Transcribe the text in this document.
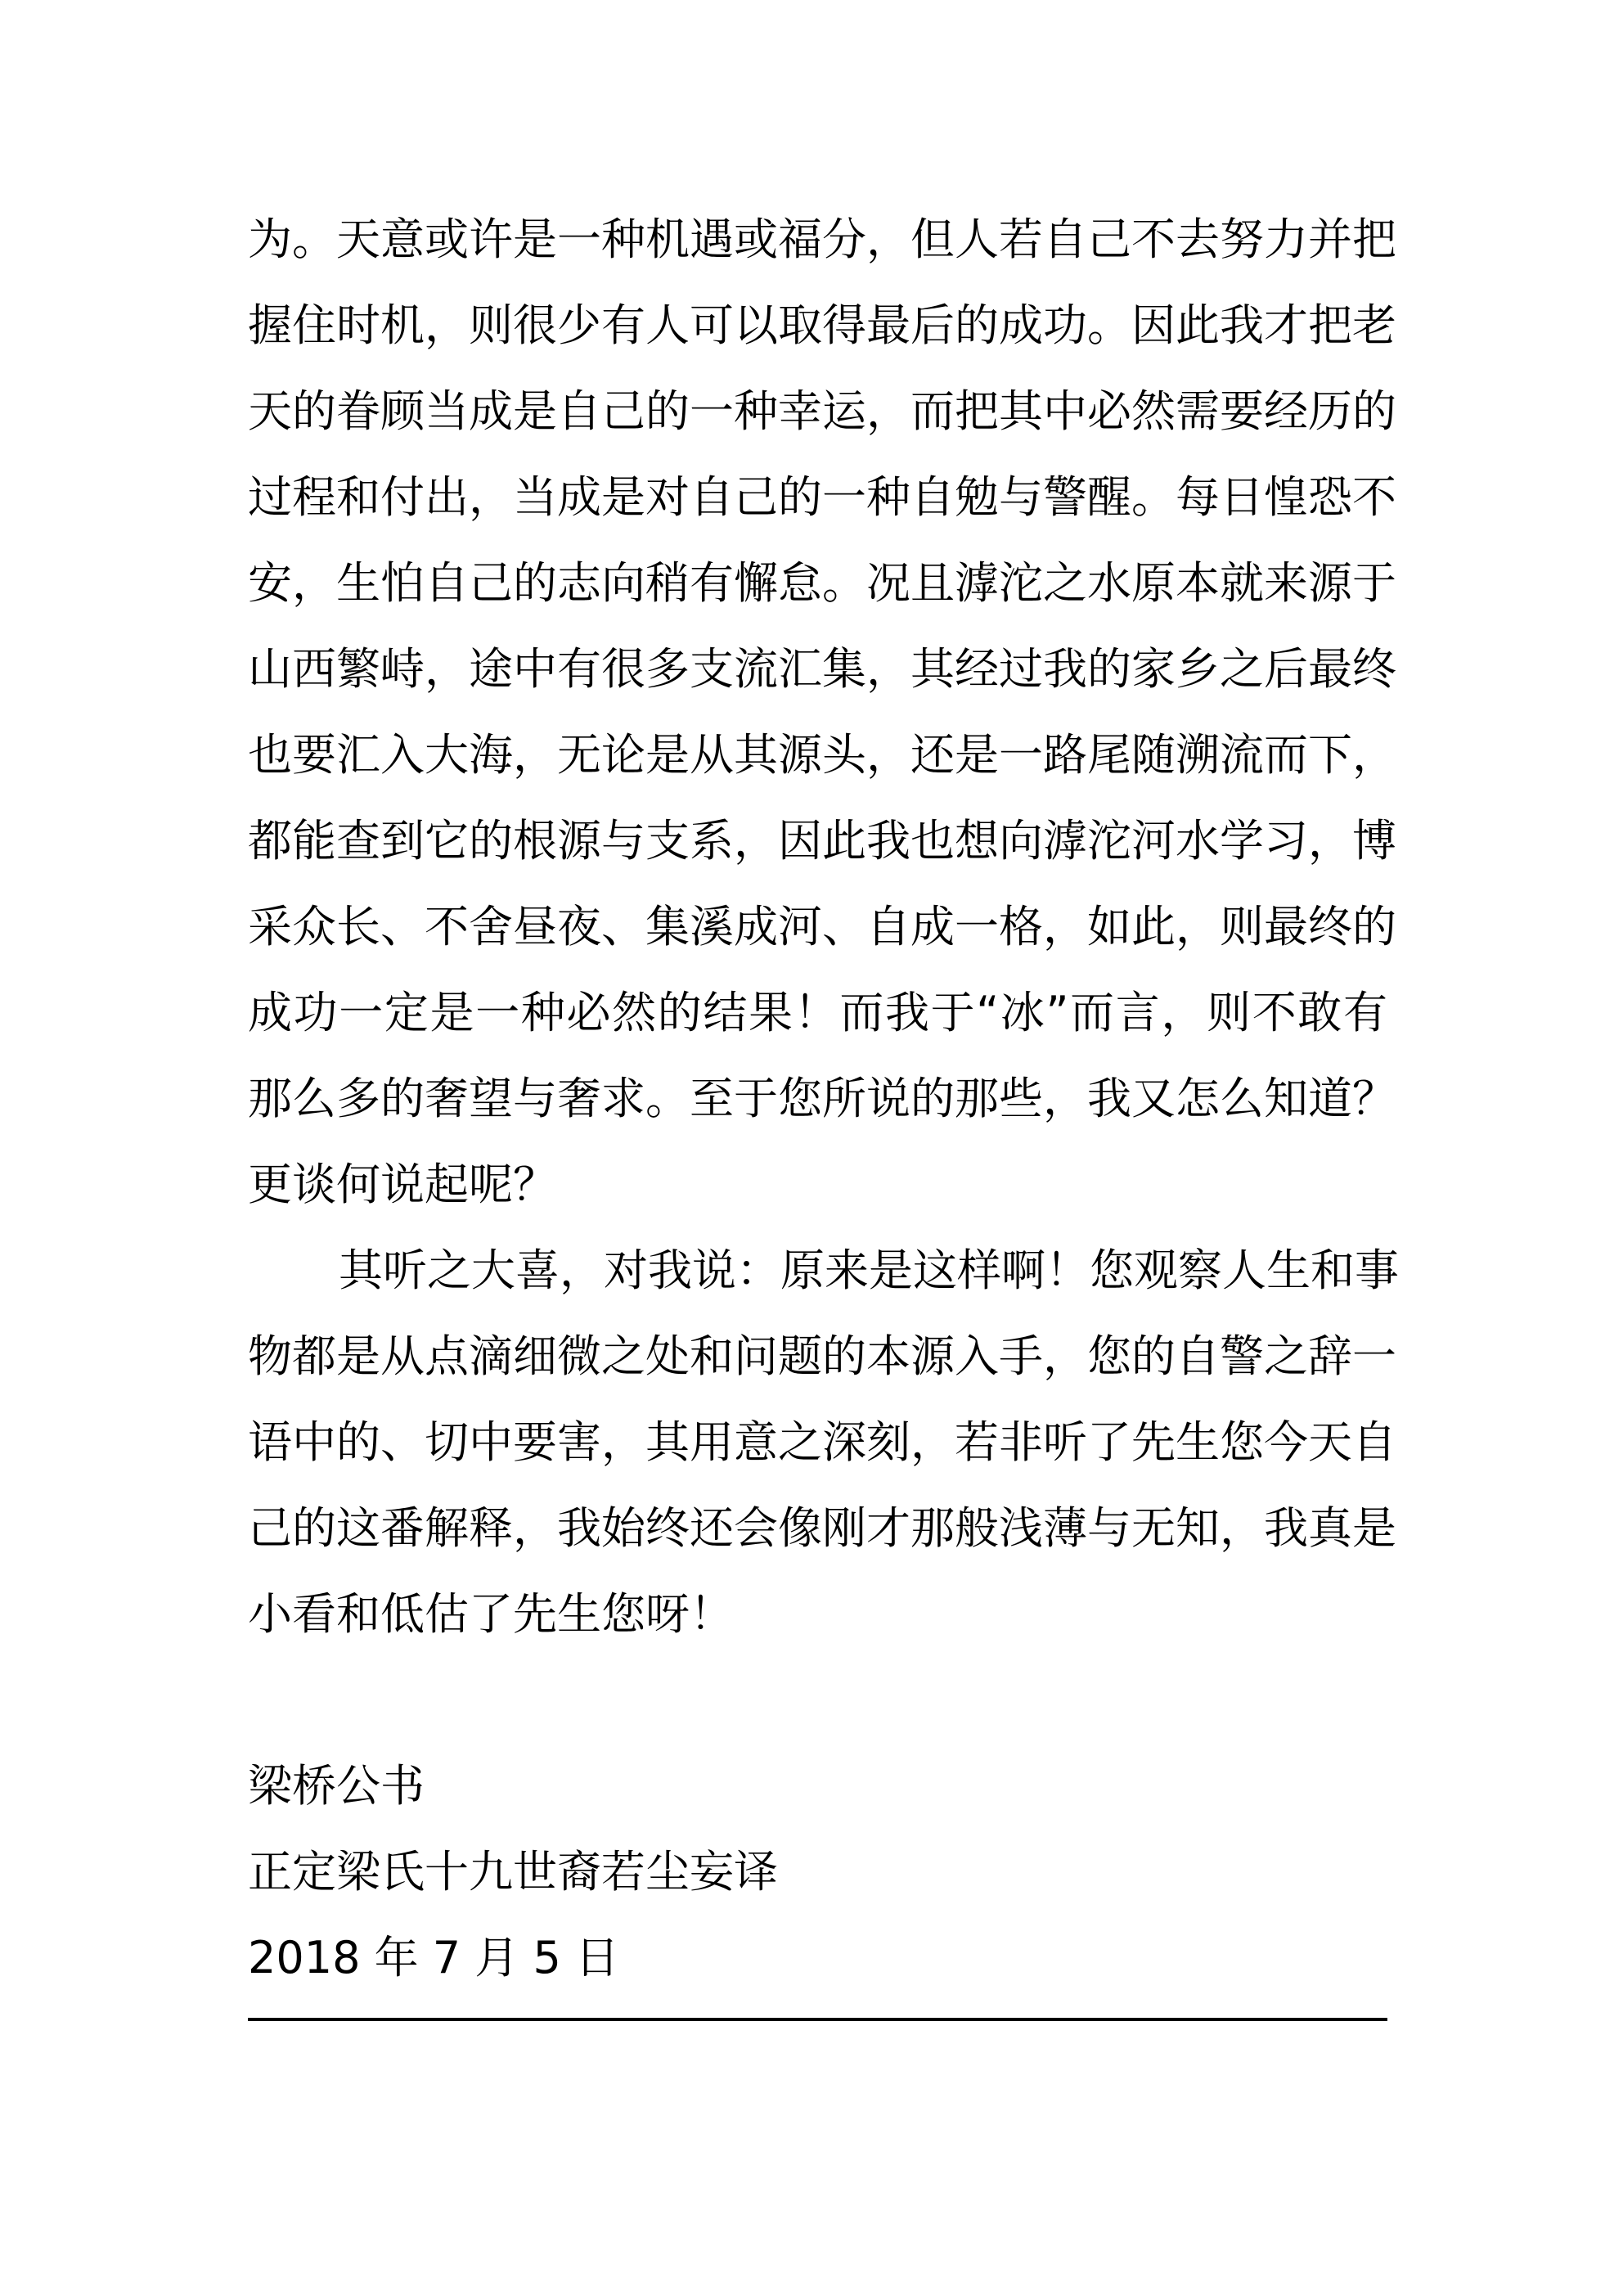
为。天意或许是一种机遇或福分，但人若自己不去努力并把
握住时机，则很少有人可以取得最后的成功。因此我才把老
天的眷顾当成是自己的一种幸运，而把其中必然需要经历的
过程和付出，当成是对自己的一种自勉与警醒。每日惶恐不
安，生怕自己的志向稍有懈怠。况且滹沱之水原本就来源于
山西繁峙，途中有很多支流汇集，其经过我的家乡之后最终
也要汇入大海，无论是从其源头，还是一路尾随溯流而下，
都能查到它的根源与支系，因此我也想向滹沱河水学习，博
采众长、不舍昼夜、集溪成河、自成一格，如此，则最终的
成功一定是一种必然的结果！而我于“冰”而言，则不敢有
那么多的奢望与奢求。至于您所说的那些，我又怎么知道？
更谈何说起呢？
其听之大喜，对我说：原来是这样啊！您观察人生和事
物都是从点滴细微之处和问题的本源入手，您的自警之辞一
语中的、切中要害，其用意之深刻，若非听了先生您今天自
己的这番解释，我始终还会像刚才那般浅薄与无知，我真是
小看和低估了先生您呀！
梁桥公书
正定梁氏十九世裔若尘妄译
2018 年 7 月 5 日
